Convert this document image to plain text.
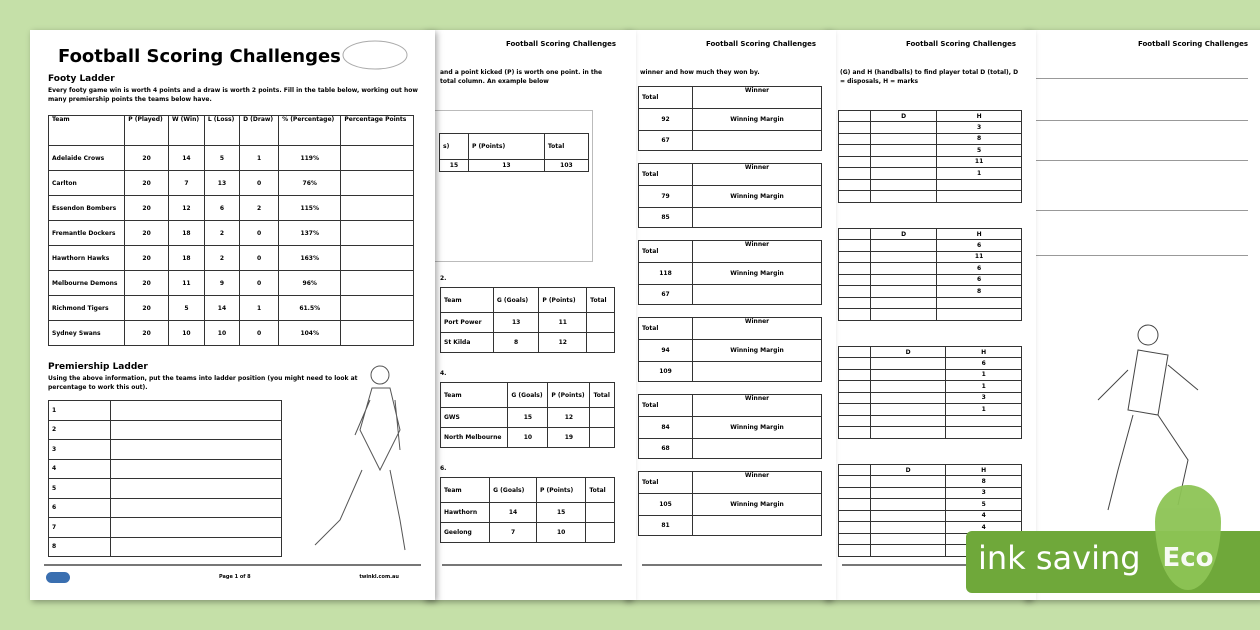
Football Scoring Challenges
Football Scoring Challenges
(G) and H (handballs) to find player total D (total), D = disposals, H = marks
	D	H
		3
		8
		5
		11
		1

	D	H
		6
		11
		6
		6
		8

	D	H
		6
		1
		1
		3
		1

	D	H
		8
		3
		5
		4
		4

Football Scoring Challenges
winner and how much they won by.
Total	Winner
92	Winning Margin
67	
Total	Winner
79	Winning Margin
85	
Total	Winner
118	Winning Margin
67	
Total	Winner
94	Winning Margin
109	
Total	Winner
84	Winning Margin
68	
Total	Winner
105	Winning Margin
81	
Football Scoring Challenges
and a point kicked (P) is worth one point. in the total column. An example below
s)	P (Points)	Total
15	13	103
2.
Team	G (Goals)	P (Points)	Total
Port Power	13	11	
St Kilda	8	12	
4.
Team	G (Goals)	P (Points)	Total
GWS	15	12	
North Melbourne	10	19	
6.
Team	G (Goals)	P (Points)	Total
Hawthorn	14	15	
Geelong	7	10	
Football Scoring Challenges
Footy Ladder
Every footy game win is worth 4 points and a draw is worth 2 points. Fill in the table below, working out how many premiership points the teams below have.
Team	P (Played)	W (Win)	L (Loss)	D (Draw)	% (Percentage)	Percentage Points
Adelaide Crows	20	14	5	1	119%	
Carlton	20	7	13	0	76%	
Essendon Bombers	20	12	6	2	115%	
Fremantle Dockers	20	18	2	0	137%	
Hawthorn Hawks	20	18	2	0	163%	
Melbourne Demons	20	11	9	0	96%	
Richmond Tigers	20	5	14	1	61.5%	
Sydney Swans	20	10	10	0	104%	
Premiership Ladder
Using the above information, put the teams into ladder position (you might need to look at percentage to work this out).
1	
2	
3	
4	
5	
6	
7	
8	
Page 1 of 8	twinkl.com.au	ink saving Eco
